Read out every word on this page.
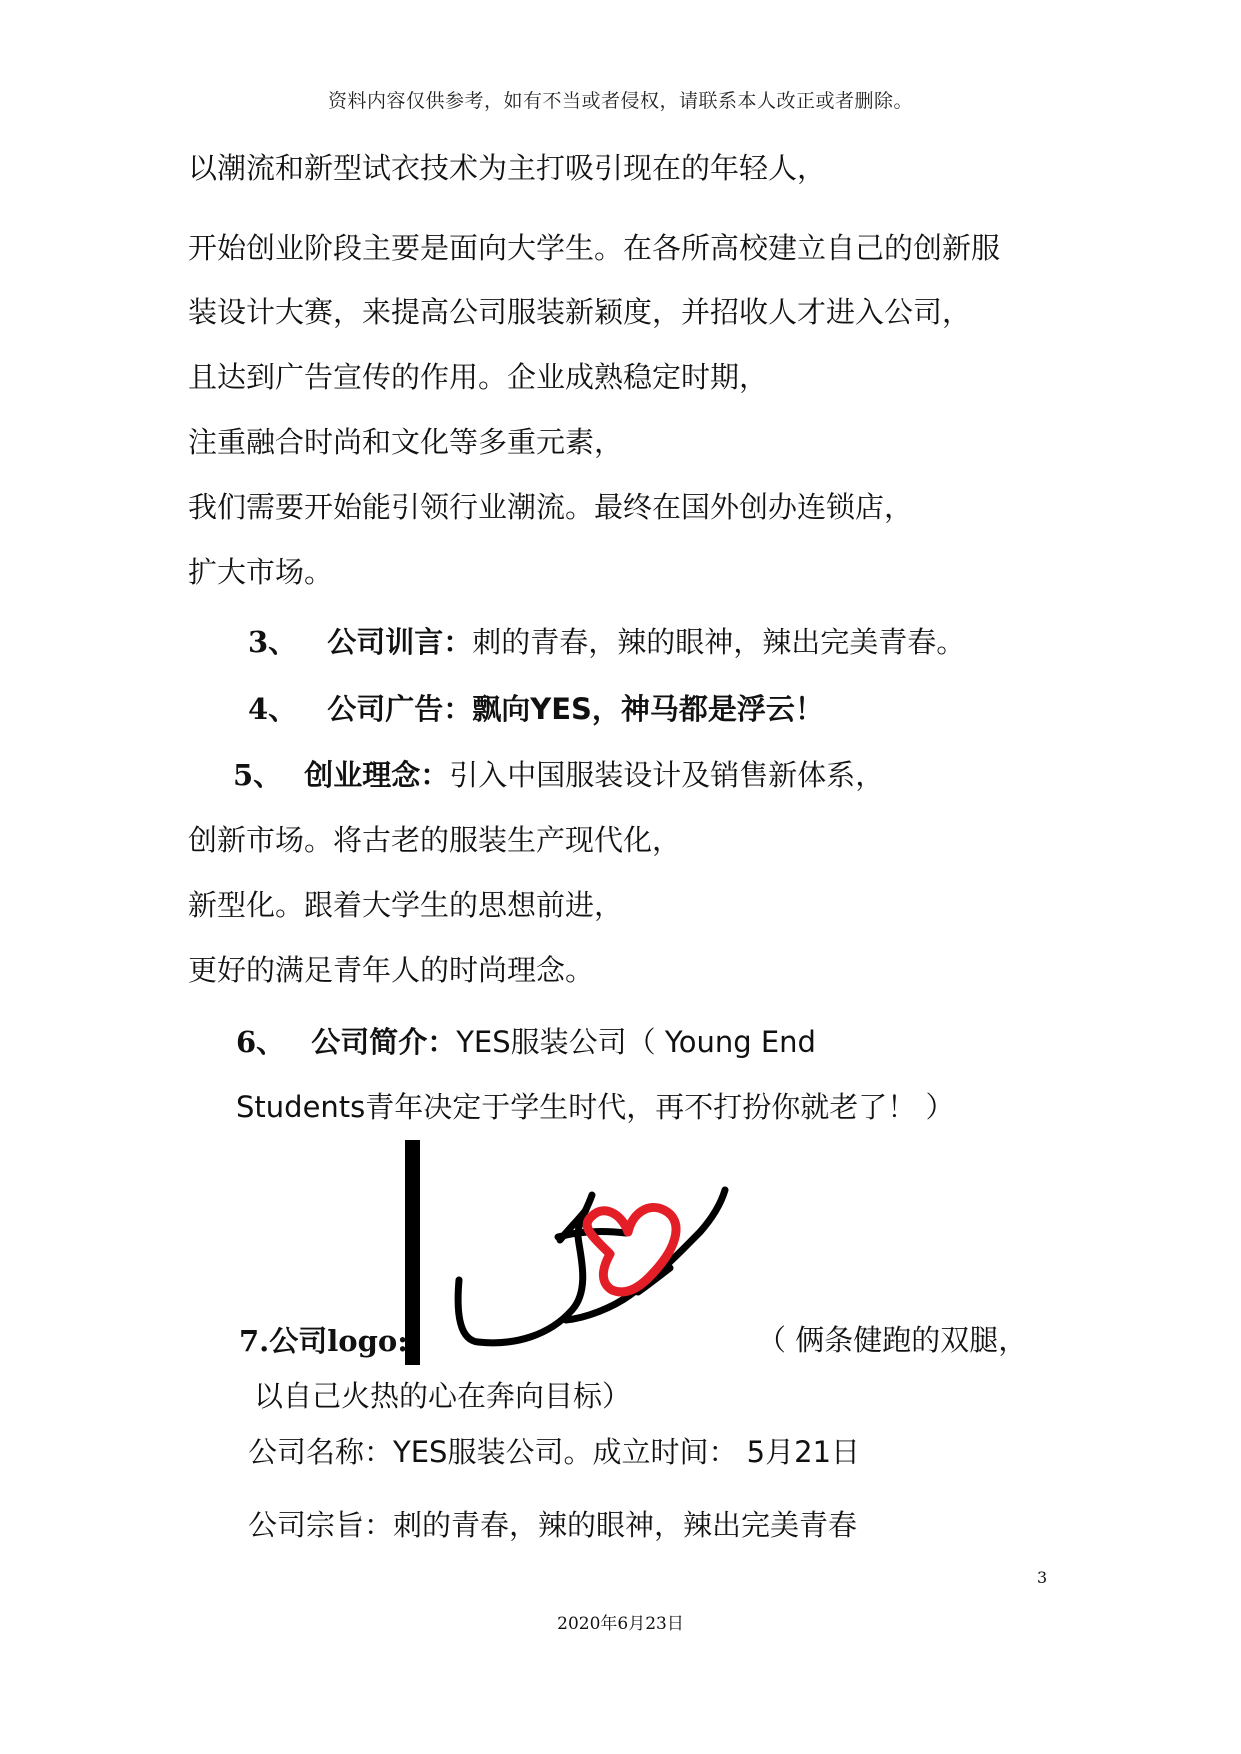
资料内容仅供参考，如有不当或者侵权，请联系本人改正或者删除。
以潮流和新型试衣技术为主打吸引现在的年轻人，
开始创业阶段主要是面向大学生。在各所高校建立自己的创新服
装设计大赛，来提高公司服装新颖度，并招收人才进入公司，
且达到广告宣传的作用。企业成熟稳定时期，
注重融合时尚和文化等多重元素，
我们需要开始能引领行业潮流。最终在国外创办连锁店，
扩大市场。
3、 公司训言：刺的青春，辣的眼神，辣出完美青春。
4、 公司广告：飘向YES，神马都是浮云！
5、 创业理念：引入中国服装设计及销售新体系，
创新市场。将古老的服装生产现代化，
新型化。跟着大学生的思想前进，
更好的满足青年人的时尚理念。
6、 公司简介：YES服装公司（ Young End
Students青年决定于学生时代，再不打扮你就老了！ ）
7.公司logo:	（ 俩条健跑的双腿，
以自己火热的心在奔向目标）
公司名称：YES服装公司。成立时间： 5月21日
公司宗旨：刺的青春，辣的眼神，辣出完美青春
3
2020年6月23日
